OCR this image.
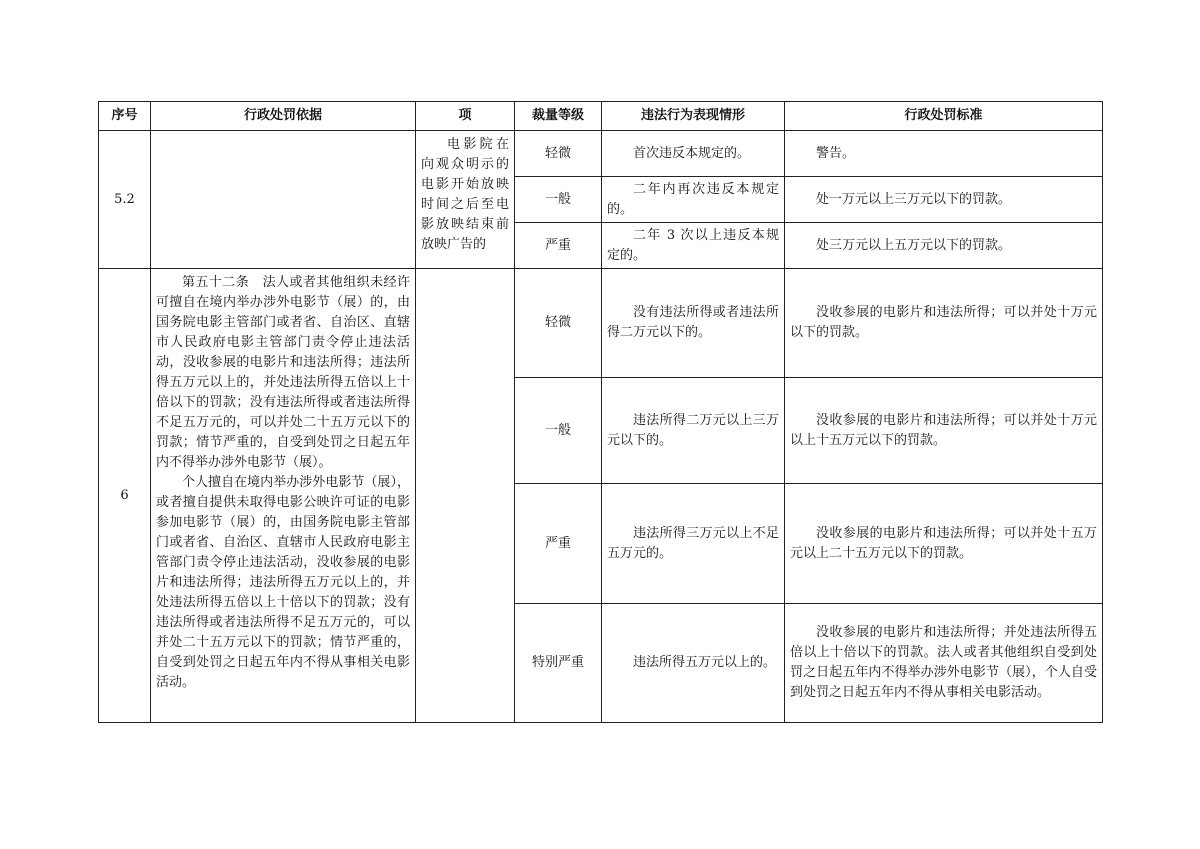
序号	行政处罚依据	项	裁量等级	违法行为表现情形	行政处罚标准
5.2		电影院在向观众明示的电影开始放映时间之后至电影放映结束前放映广告的	轻微	首次违反本规定的。	警告。
			一般	二年内再次违反本规定的。	处一万元以上三万元以下的罚款。
			严重	二年 3 次以上违反本规定的。	处三万元以上五万元以下的罚款。
6	第五十二条　法人或者其他组织未经许可擅自在境内举办涉外电影节（展）的，由国务院电影主管部门或者省、自治区、直辖市人民政府电影主管部门责令停止违法活动，没收参展的电影片和违法所得；违法所得五万元以上的，并处违法所得五倍以上十倍以下的罚款；没有违法所得或者违法所得不足五万元的，可以并处二十五万元以下的罚款；情节严重的，自受到处罚之日起五年内不得举办涉外电影节（展）。
个人擅自在境内举办涉外电影节（展），或者擅自提供未取得电影公映许可证的电影参加电影节（展）的，由国务院电影主管部门或者省、自治区、直辖市人民政府电影主管部门责令停止违法活动，没收参展的电影片和违法所得；违法所得五万元以上的，并处违法所得五倍以上十倍以下的罚款；没有违法所得或者违法所得不足五万元的，可以并处二十五万元以下的罚款；情节严重的，自受到处罚之日起五年内不得从事相关电影活动。		轻微	没有违法所得或者违法所得二万元以下的。	没收参展的电影片和违法所得；可以并处十万元以下的罚款。
			一般	违法所得二万元以上三万元以下的。	没收参展的电影片和违法所得；可以并处十万元以上十五万元以下的罚款。
			严重	违法所得三万元以上不足五万元的。	没收参展的电影片和违法所得；可以并处十五万元以上二十五万元以下的罚款。
			特别严重	违法所得五万元以上的。	没收参展的电影片和违法所得；并处违法所得五倍以上十倍以下的罚款。法人或者其他组织自受到处罚之日起五年内不得举办涉外电影节（展），个人自受到处罚之日起五年内不得从事相关电影活动。
